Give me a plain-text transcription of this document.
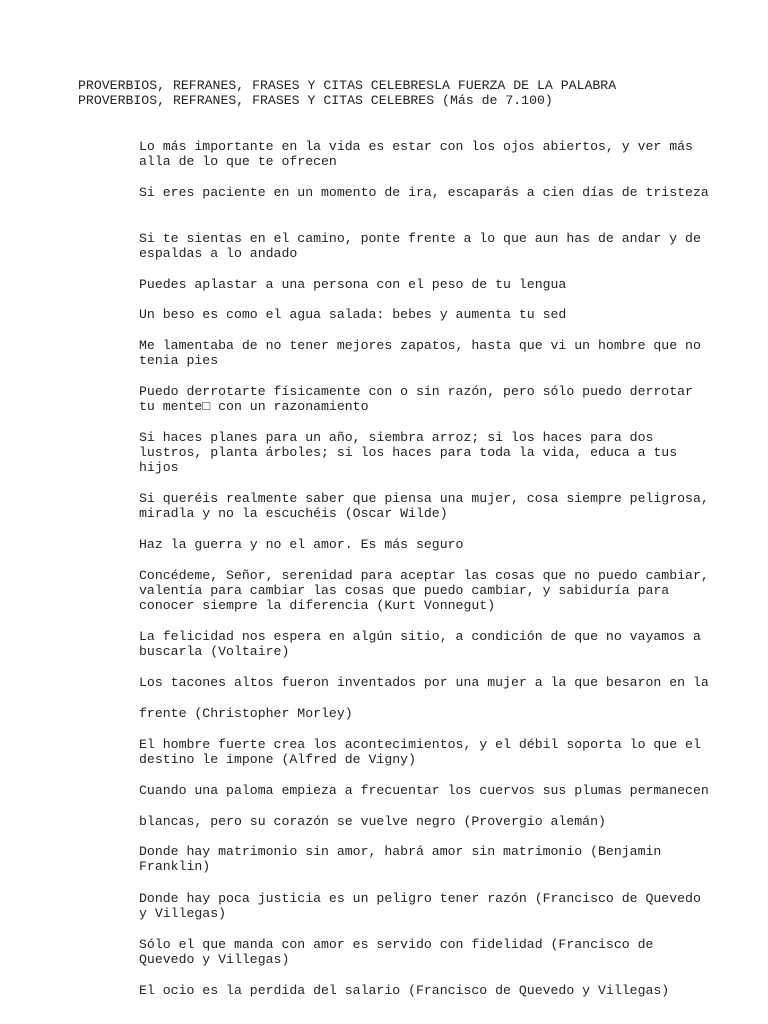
PROVERBIOS, REFRANES, FRASES Y CITAS CELEBRESLA FUERZA DE LA PALABRA
PROVERBIOS, REFRANES, FRASES Y CITAS CELEBRES (Más de 7.100)
Lo más importante en la vida es estar con los ojos abiertos, y ver más
alla de lo que te ofrecen
Si eres paciente en un momento de ira, escaparás a cien días de tristeza
Si te sientas en el camino, ponte frente a lo que aun has de andar y de
espaldas a lo andado
Puedes aplastar a una persona con el peso de tu lengua
Un beso es como el agua salada: bebes y aumenta tu sed
Me lamentaba de no tener mejores zapatos, hasta que vi un hombre que no
tenia pies
Puedo derrotarte físicamente con o sin razón, pero sólo puedo derrotar
tu mente□ con un razonamiento
Si haces planes para un año, siembra arroz; si los haces para dos
lustros, planta árboles; si los haces para toda la vida, educa a tus
hijos
Si queréis realmente saber que piensa una mujer, cosa siempre peligrosa,
miradla y no la escuchéis (Oscar Wilde)
Haz la guerra y no el amor. Es más seguro
Concédeme, Señor, serenidad para aceptar las cosas que no puedo cambiar,
valentía para cambiar las cosas que puedo cambiar, y sabiduría para
conocer siempre la diferencia (Kurt Vonnegut)
La felicidad nos espera en algún sitio, a condición de que no vayamos a
buscarla (Voltaire)
Los tacones altos fueron inventados por una mujer a la que besaron en la
frente (Christopher Morley)
El hombre fuerte crea los acontecimientos, y el débil soporta lo que el
destino le impone (Alfred de Vigny)
Cuando una paloma empieza a frecuentar los cuervos sus plumas permanecen
blancas, pero su corazón se vuelve negro (Provergio alemán)
Donde hay matrimonio sin amor, habrá amor sin matrimonio (Benjamin
Franklin)
Donde hay poca justicia es un peligro tener razón (Francisco de Quevedo
y Villegas)
Sólo el que manda con amor es servido con fidelidad (Francisco de
Quevedo y Villegas)
El ocio es la perdida del salario (Francisco de Quevedo y Villegas)
